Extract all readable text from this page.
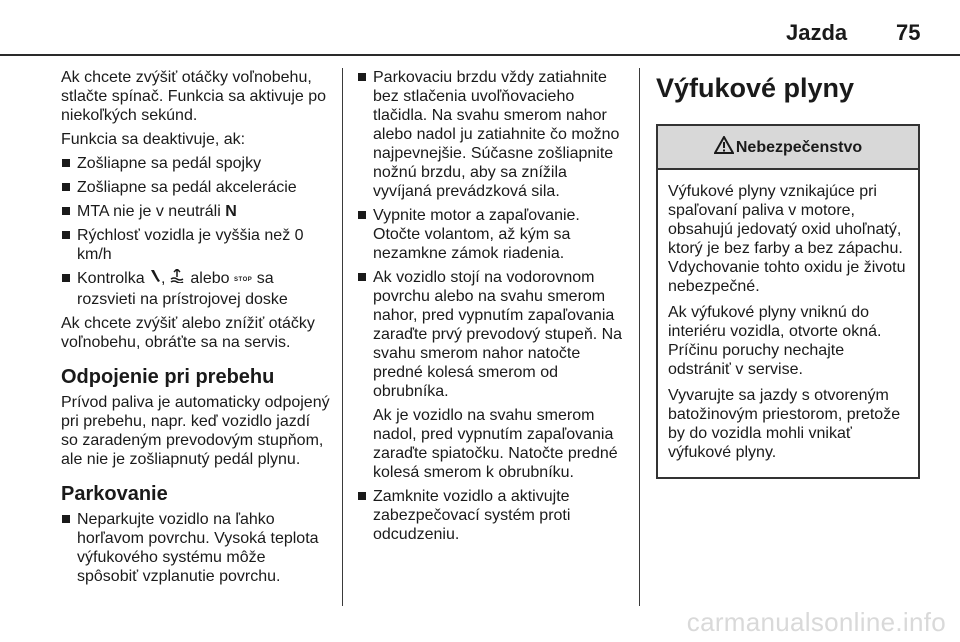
Jazda 75

Ak chcete zvýšiť otáčky voľnobehu, stlačte spínač. Funkcia sa aktivuje po niekoľkých sekúnd.

Funkcia sa deaktivuje, ak:

Zošliapne sa pedál spojky
Zošliapne sa pedál akcelerácie
MTA nie je v neutráli N
Rýchlosť vozidla je vyššia než 0 km/h
Kontrolka , alebo STOP sa rozsvieti na prístrojovej doske

Ak chcete zvýšiť alebo znížiť otáčky voľnobehu, obráťte sa na servis.

Odpojenie pri prebehu

Prívod paliva je automaticky odpojený pri prebehu, napr. keď vozidlo jazdí so zaradeným prevodovým stupňom, ale nie je zošliapnutý pedál plynu.

Parkovanie
Neparkujte vozidlo na ľahko horľavom povrchu. Vysoká teplota výfukového systému môže spôsobiť vzplanutie povrchu.
Parkovaciu brzdu vždy zatiahnite bez stlačenia uvoľňovacieho tlačidla. Na svahu smerom nahor alebo nadol ju zatiahnite čo možno najpevnejšie. Súčasne zošliapnite nožnú brzdu, aby sa znížila vyvíjaná prevádzková sila.
Vypnite motor a zapaľovanie. Otočte volantom, až kým sa nezamkne zámok riadenia.
Ak vozidlo stojí na vodorovnom povrchu alebo na svahu smerom nahor, pred vypnutím zapaľovania zaraďte prvý prevodový stupeň. Na svahu smerom nahor natočte predné kolesá smerom od obrubníka.

Ak je vozidlo na svahu smerom nadol, pred vypnutím zapaľovania zaraďte spiatočku. Natočte predné kolesá smerom k obrubníku.

Zamknite vozidlo a aktivujte zabezpečovací systém proti odcudzeniu.
Výfukové plyny
Nebezpečenstvo

Výfukové plyny vznikajúce pri spaľovaní paliva v motore, obsahujú jedovatý oxid uhoľnatý, ktorý je bez farby a bez zápachu. Vdychovanie tohto oxidu je životu nebezpečné.

Ak výfukové plyny vniknú do interiéru vozidla, otvorte okná. Príčinu poruchy nechajte odstrániť v servise.

Vyvarujte sa jazdy s otvoreným batožinovým priestorom, pretože by do vozidla mohli vnikať výfukové plyny.

carmanualsonline.info
